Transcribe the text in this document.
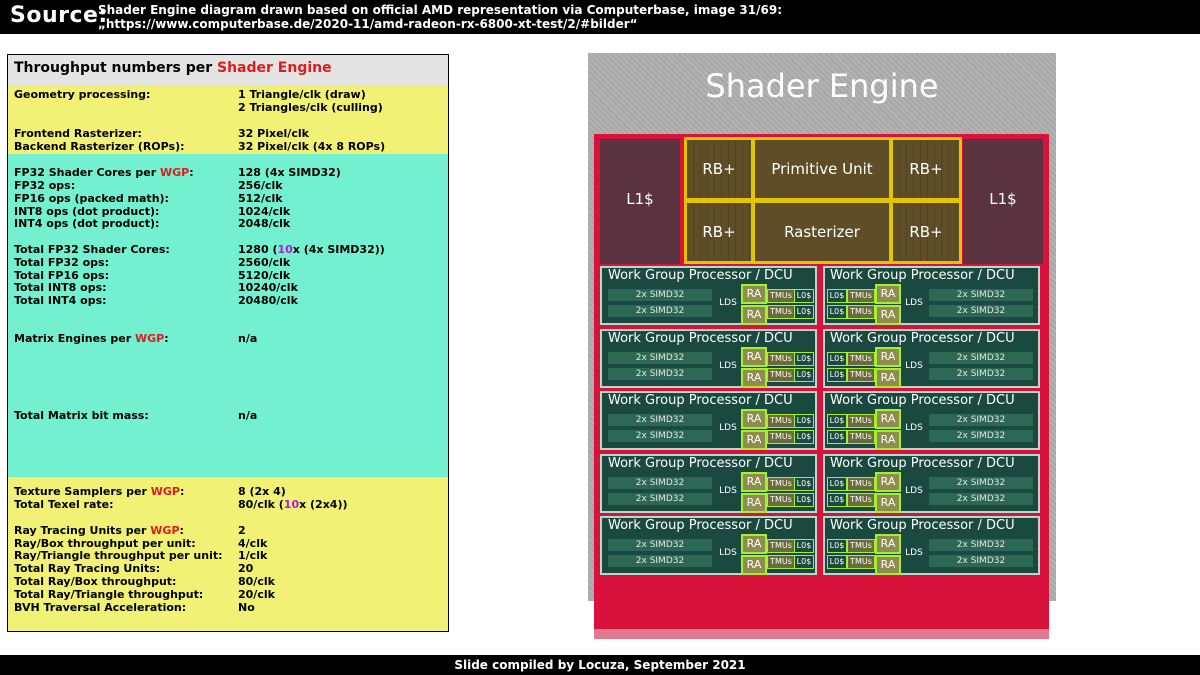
Source:
Shader Engine diagram drawn based on official AMD representation via Computerbase, image 31/69:
„https://www.computerbase.de/2020-11/amd-radeon-rx-6800-xt-test/2/#bilder“
Throughput numbers per Shader Engine
Geometry processing:	1 Triangle/clk (draw)
2 Triangles/clk (culling)
Frontend Rasterizer:	32 Pixel/clk
Backend Rasterizer (ROPs):	32 Pixel/clk (4x 8 ROPs)
FP32 Shader Cores per WGP:	128 (4x SIMD32)
FP32 ops:	256/clk
FP16 ops (packed math):	512/clk
INT8 ops (dot product):	1024/clk
INT4 ops (dot product):	2048/clk
Total FP32 Shader Cores:	1280 (10x (4x SIMD32))
Total FP32 ops:	2560/clk
Total FP16 ops:	5120/clk
Total INT8 ops:	10240/clk
Total INT4 ops:	20480/clk
Matrix Engines per WGP:	n/a
Total Matrix bit mass:	n/a
Texture Samplers per WGP:	8 (2x 4)
Total Texel rate:	80/clk (10x (2x4))
Ray Tracing Units per WGP:	2
Ray/Box throughput per unit:	4/clk
Ray/Triangle throughput per unit: 1/clk
Total Ray Tracing Units:	20
Total Ray/Box throughput:	80/clk
Total Ray/Triangle throughput:	20/clk
BVH Traversal Acceleration:	No
Shader Engine
L1$	L1$
RB+	Primitive Unit	RB+
RB+	Rasterizer	RB+
Work Group Processor / DCU
2x SIMD32
2x SIMD32
LDS
RA
RA
TMUs
TMUs
L0$
L0$
Work Group Processor / DCU
L0$
L0$
TMUs
TMUs
RA
RA
LDS
2x SIMD32
2x SIMD32
Work Group Processor / DCU
2x SIMD32
2x SIMD32
LDS
RA
RA
TMUs
TMUs
L0$
L0$
Work Group Processor / DCU
L0$
L0$
TMUs
TMUs
RA
RA
LDS
2x SIMD32
2x SIMD32
Work Group Processor / DCU
2x SIMD32
2x SIMD32
LDS
RA
RA
TMUs
TMUs
L0$
L0$
Work Group Processor / DCU
L0$
L0$
TMUs
TMUs
RA
RA
LDS
2x SIMD32
2x SIMD32
Work Group Processor / DCU
2x SIMD32
2x SIMD32
LDS
RA
RA
TMUs
TMUs
L0$
L0$
Work Group Processor / DCU
L0$
L0$
TMUs
TMUs
RA
RA
LDS
2x SIMD32
2x SIMD32
Work Group Processor / DCU
2x SIMD32
2x SIMD32
LDS
RA
RA
TMUs
TMUs
L0$
L0$
Work Group Processor / DCU
L0$
L0$
TMUs
TMUs
RA
RA
LDS
2x SIMD32
2x SIMD32
Slide compiled by Locuza, September 2021
